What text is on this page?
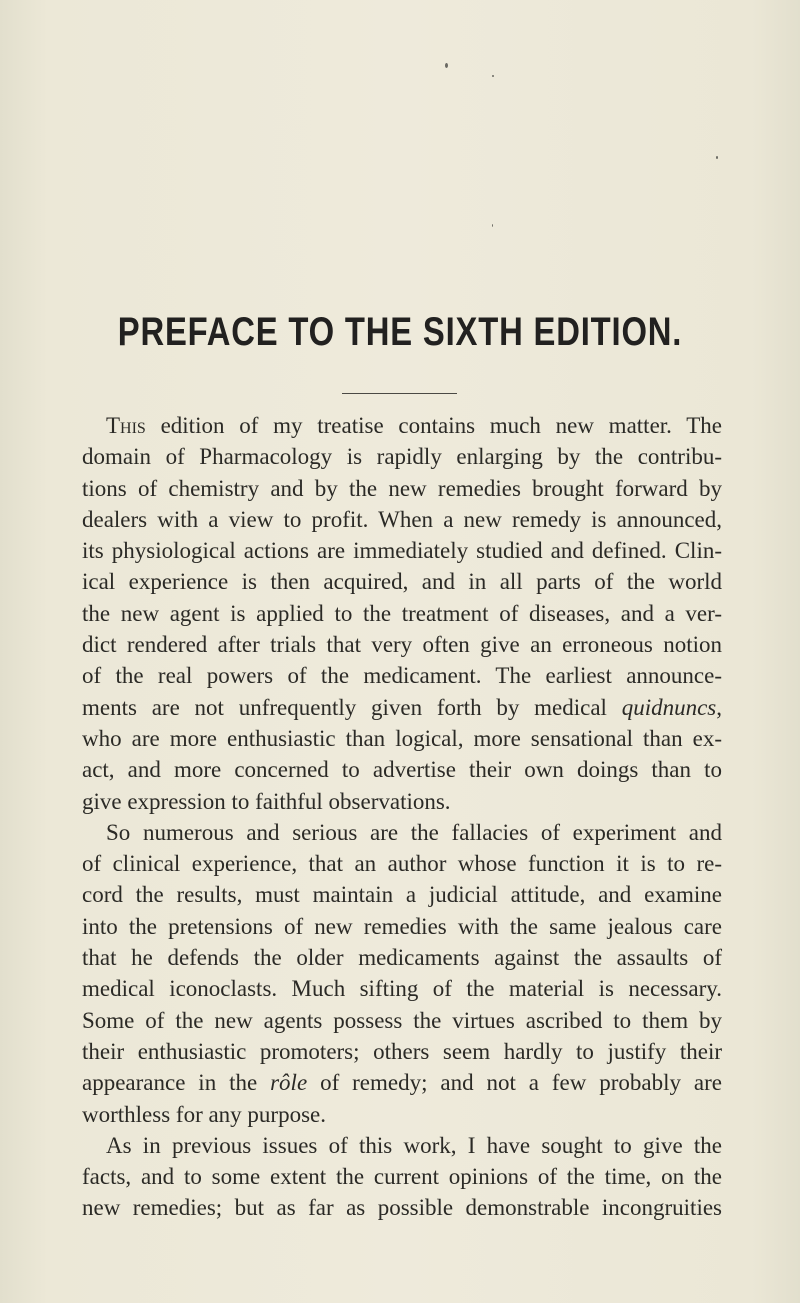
PREFACE TO THE SIXTH EDITION.
This edition of my treatise contains much new matter. The
domain of Pharmacology is rapidly enlarging by the contribu-
tions of chemistry and by the new remedies brought forward by
dealers with a view to profit. When a new remedy is announced,
its physiological actions are immediately studied and defined. Clin-
ical experience is then acquired, and in all parts of the world
the new agent is applied to the treatment of diseases, and a ver-
dict rendered after trials that very often give an erroneous notion
of the real powers of the medicament. The earliest announce-
ments are not unfrequently given forth by medical quidnuncs,
who are more enthusiastic than logical, more sensational than ex-
act, and more concerned to advertise their own doings than to
give expression to faithful observations.
So numerous and serious are the fallacies of experiment and
of clinical experience, that an author whose function it is to re-
cord the results, must maintain a judicial attitude, and examine
into the pretensions of new remedies with the same jealous care
that he defends the older medicaments against the assaults of
medical iconoclasts. Much sifting of the material is necessary.
Some of the new agents possess the virtues ascribed to them by
their enthusiastic promoters; others seem hardly to justify their
appearance in the rôle of remedy; and not a few probably are
worthless for any purpose.
As in previous issues of this work, I have sought to give the
facts, and to some extent the current opinions of the time, on the
new remedies; but as far as possible demonstrable incongruities
